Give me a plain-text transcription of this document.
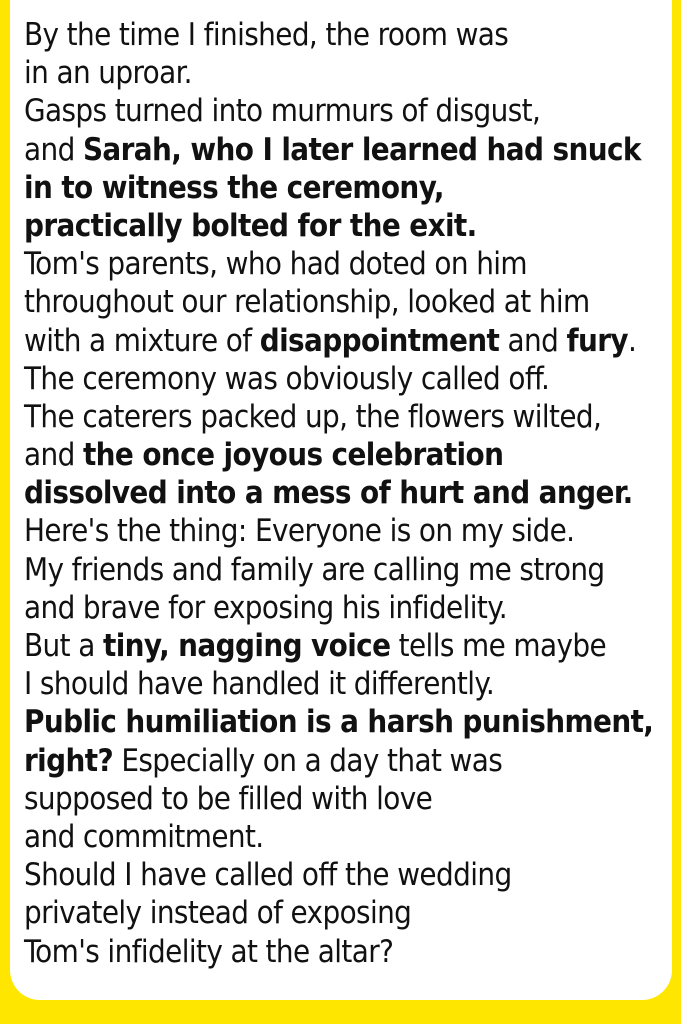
By the time I finished, the room was
in an uproar.
Gasps turned into murmurs of disgust,
and Sarah, who I later learned had snuck
in to witness the ceremony,
practically bolted for the exit.
Tom's parents, who had doted on him
throughout our relationship, looked at him
with a mixture of disappointment and fury.
The ceremony was obviously called off.
The caterers packed up, the flowers wilted,
and the once joyous celebration
dissolved into a mess of hurt and anger.
Here's the thing: Everyone is on my side.
My friends and family are calling me strong
and brave for exposing his infidelity.
But a tiny, nagging voice tells me maybe
I should have handled it differently.
Public humiliation is a harsh punishment,
right? Especially on a day that was
supposed to be filled with love
and commitment.
Should I have called off the wedding
privately instead of exposing
Tom's infidelity at the altar?
